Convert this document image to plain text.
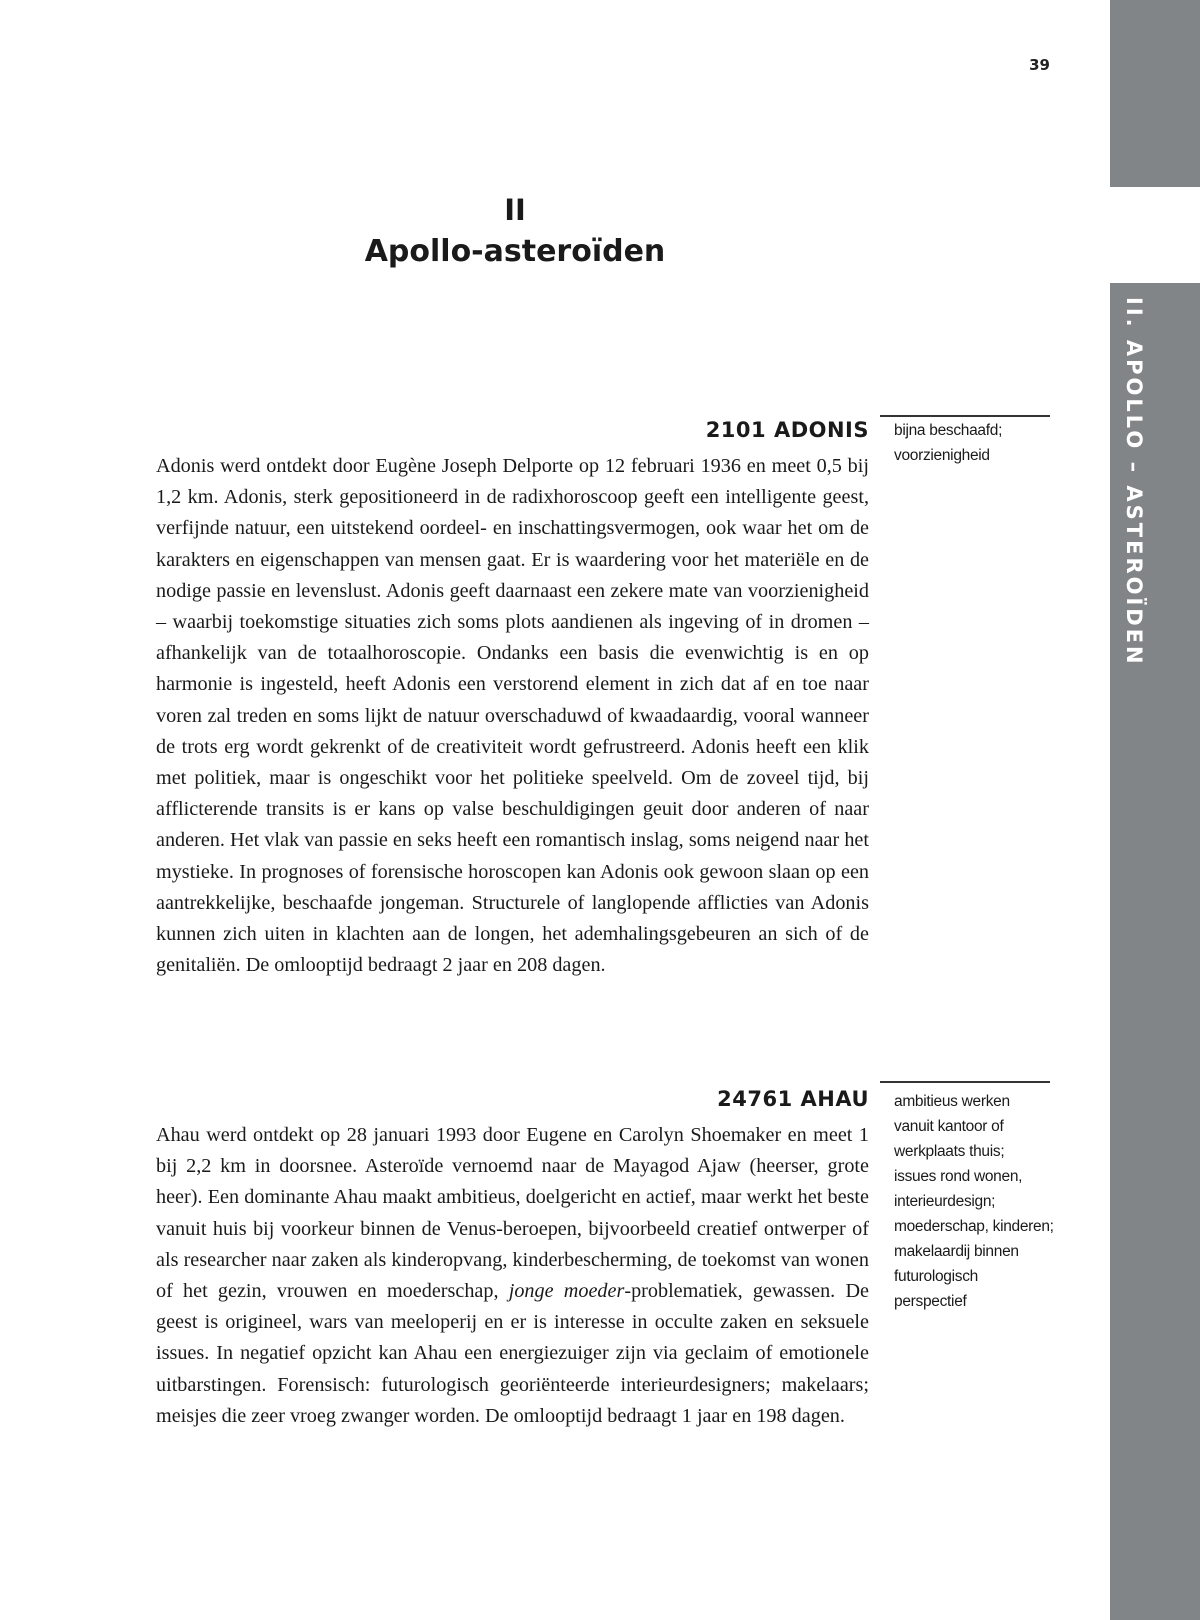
II. APOLLO – ASTEROÏDEN
39
II
Apollo-asteroïden
2101 ADONIS bijna beschaafd;
voorzienigheid

Adonis werd ontdekt door Eugène Joseph Delporte op 12 februari 1936 en meet 0,5 bij 1,2 km. Adonis, sterk gepositioneerd in de radixhoroscoop geeft een intelligente geest, verfijnde natuur, een uitstekend oordeel- en inschattingsvermogen, ook waar het om de karakters en eigenschappen van mensen gaat. Er is waardering voor het materiële en de nodige passie en levenslust. Adonis geeft daarnaast een zekere mate van voorzienigheid – waarbij toekomstige situaties zich soms plots aandienen als ingeving of in dromen – afhankelijk van de totaalhoroscopie. Ondanks een basis die evenwichtig is en op harmonie is ingesteld, heeft Adonis een verstorend element in zich dat af en toe naar voren zal treden en soms lijkt de natuur overschaduwd of kwaadaardig, vooral wanneer de trots erg wordt gekrenkt of de creativiteit wordt gefrustreerd. Adonis heeft een klik met politiek, maar is ongeschikt voor het politieke speelveld. Om de zoveel tijd, bij afflicterende transits is er kans op valse beschuldigingen geuit door anderen of naar anderen. Het vlak van passie en seks heeft een romantisch inslag, soms neigend naar het mystieke. In prognoses of forensische horoscopen kan Adonis ook gewoon slaan op een aantrekkelijke, beschaafde jongeman. Structurele of langlopende afflicties van Adonis kunnen zich uiten in klachten aan de longen, het ademhalingsgebeuren an sich of de genitaliën. De omlooptijd bedraagt 2 jaar en 208 dagen.

24761 AHAU ambitieus werken
vanuit kantoor of
werkplaats thuis;
issues rond wonen,
interieurdesign;
moederschap, kinderen;
makelaardij binnen
futurologisch
perspectief

Ahau werd ontdekt op 28 januari 1993 door Eugene en Carolyn Shoemaker en meet 1 bij 2,2 km in doorsnee. Asteroïde vernoemd naar de Mayagod Ajaw (heerser, grote heer). Een dominante Ahau maakt ambitieus, doelgericht en actief, maar werkt het beste vanuit huis bij voorkeur binnen de Venus-beroepen, bijvoorbeeld creatief ontwerper of als researcher naar zaken als kinderopvang, kinderbescherming, de toekomst van wonen of het gezin, vrouwen en moederschap, jonge moeder-problematiek, gewassen. De geest is origineel, wars van meeloperij en er is interesse in occulte zaken en seksuele issues. In negatief opzicht kan Ahau een energiezuiger zijn via geclaim of emotionele uitbarstingen. Forensisch: futurologisch georiënteerde interieurdesigners; makelaars; meisjes die zeer vroeg zwanger worden. De omlooptijd bedraagt 1 jaar en 198 dagen.
